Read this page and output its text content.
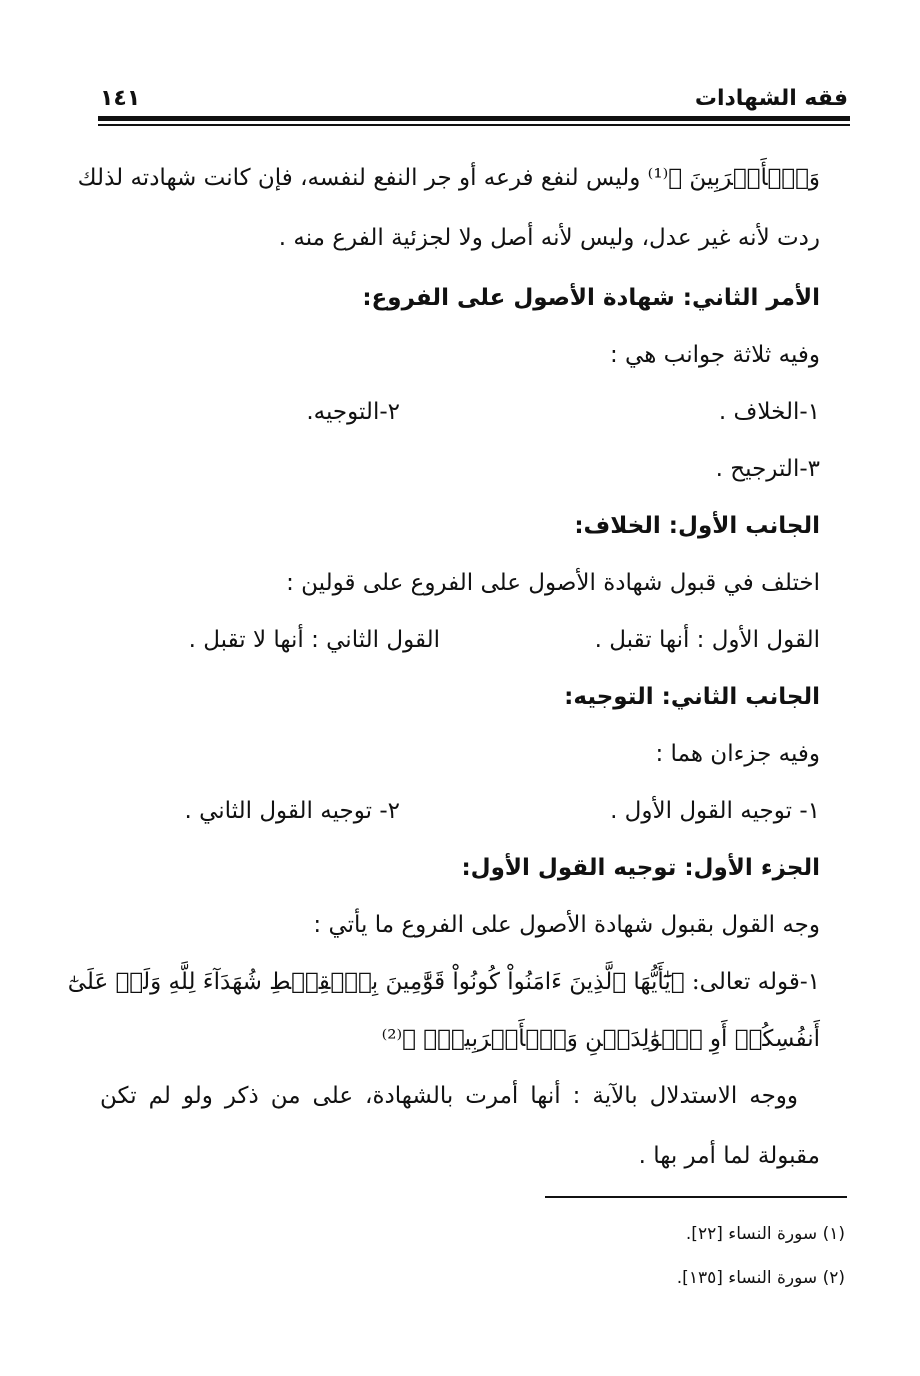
فقه الشهادات
١٤١
وَٱلۡأَقۡرَبِينَ ﴾⁽¹⁾ وليس لنفع فرعه أو جر النفع لنفسه، فإن كانت شهادته لذلك
ردت لأنه غير عدل، وليس لأنه أصل ولا لجزئية الفرع منه .
الأمر الثاني: شهادة الأصول على الفروع:
وفيه ثلاثة جوانب هي :
١-الخلاف .
٢-التوجيه.
٣-الترجيح .
الجانب الأول: الخلاف:
اختلف في قبول شهادة الأصول على الفروع على قولين :
القول الأول : أنها تقبل .
القول الثاني : أنها لا تقبل .
الجانب الثاني: التوجيه:
وفيه جزءان هما :
١- توجيه القول الأول .
٢- توجيه القول الثاني .
الجزء الأول: توجيه القول الأول:
وجه القول بقبول شهادة الأصول على الفروع ما يأتي :
١-قوله تعالى: ﴿يَٰٓأَيُّهَا ٱلَّذِينَ ءَامَنُواْ كُونُواْ قَوَّٰمِينَ بِٱلۡقِسۡطِ شُهَدَآءَ لِلَّهِ وَلَوۡ عَلَىٰٓ
أَنفُسِكُمۡ أَوِ ٱلۡوَٰلِدَيۡنِ وَٱلۡأَقۡرَبِينَۚ ﴾⁽²⁾
ووجه الاستدلال بالآية : أنها أمرت بالشهادة، على من ذكر ولو لم تكن
مقبولة لما أمر بها .
(١) سورة النساء [٢٢].
(٢) سورة النساء [١٣٥].
